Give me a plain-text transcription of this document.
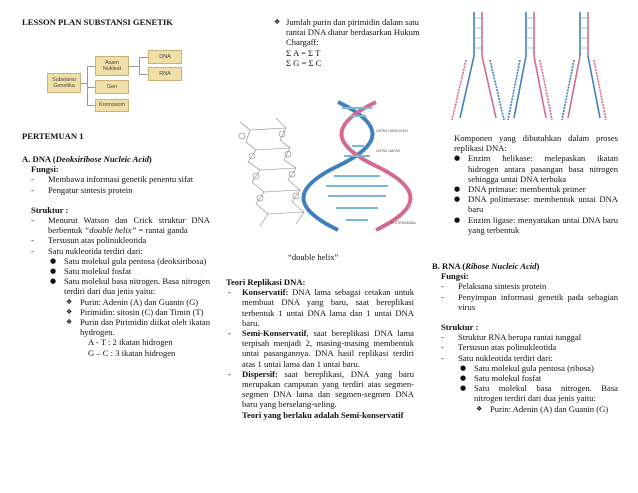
LESSON PLAN SUBSTANSI GENETIK
Substansi Genetika
Asam Nukleat
Gen
Kromosom
DNA
RNA
PERTEMUAN 1
A. DNA (Deoksiribose Nucleic Acid)
Fungsi:
- Membawa informasi genetik penentu sifat
- Pengatur sintesis protein
Struktur :
- Menurut Watson dan Crick struktur DNA berbentuk “double helix” = rantai ganda
- Tersusun atas polinukleotida
- Satu nukleotida terdiri dari:
● Satu molekul gula pentosa (deoksiribosa)
● Satu molekul fosfat
● Satu molekul basa nitrogen. Basa nitrogen terdiri dari dua jenis yaitu:
❖ Purin: Adenin (A) dan Guanin (G)
❖ Pirimidin: sitosin (C) dan Timin (T)
❖ Purin dan Pirimidin diikat oleh ikatan hydrogen.
A - T : 2 ikatan hidrogen
G – C : 3 ikatan hidrogen
❖ Jumlah purin dan pirimidin dalam satu rantai DNA diatur berdasarkan Hukum Chargaff:
Σ A = Σ T
Σ G = Σ C
LEPAS HIDROGEN
LEPAS NAPAS
EKSTERAMINA
“double helix”
Teori Replikasi DNA:
- Konservatif: DNA lama sebagai cetakan untuk membuat DNA yang baru, saat bereplikasi terbentuk 1 untai DNA lama dan 1 untai DNA baru.
- Semi-Konservatif, saat bereplikasi DNA lama terpisah menjadi 2, masing-masing membentuk untai pasangannya. DNA hasil replikasi terdiri atas 1 untai lama dan 1 untai baru.
- Dispersif: saat bereplikasi, DNA yang baru merupakan campuran yang terdiri atas segmen-segmen DNA lama dan segmen-segmen DNA baru yang berselang-seling.
Teori yang berlaku adalah Semi-konservatif
Komponen yang dibutuhkan dalam proses replikasi DNA:
● Enzim helikase: melepaskan ikatan hidrogen antara pasangan basa nitrogen sehingga untai DNA terbuka
● DNA primase: membentuk primer
● DNA polimerase: membentuk untai DNA baru
● Enzim ligase: menyatukan untai DNA baru yang terbentuk
B. RNA (Ribose Nucleic Acid)
Fungsi:
- Pelaksana sintesis protein
- Penyimpan informasi genetik pada sebagian virus
Struktur :
- Struktur RNA berupa rantai tunggal
- Tersusun atas polinukleotida
- Satu nukleotida terdiri dari:
● Satu molekul gula pentosa (ribosa)
● Satu molekul fosfat
● Satu molekul basa nitrogen. Basa nitrogen terdiri dari dua jenis yaitu:
❖ Purin: Adenin (A) dan Guanin (G)
